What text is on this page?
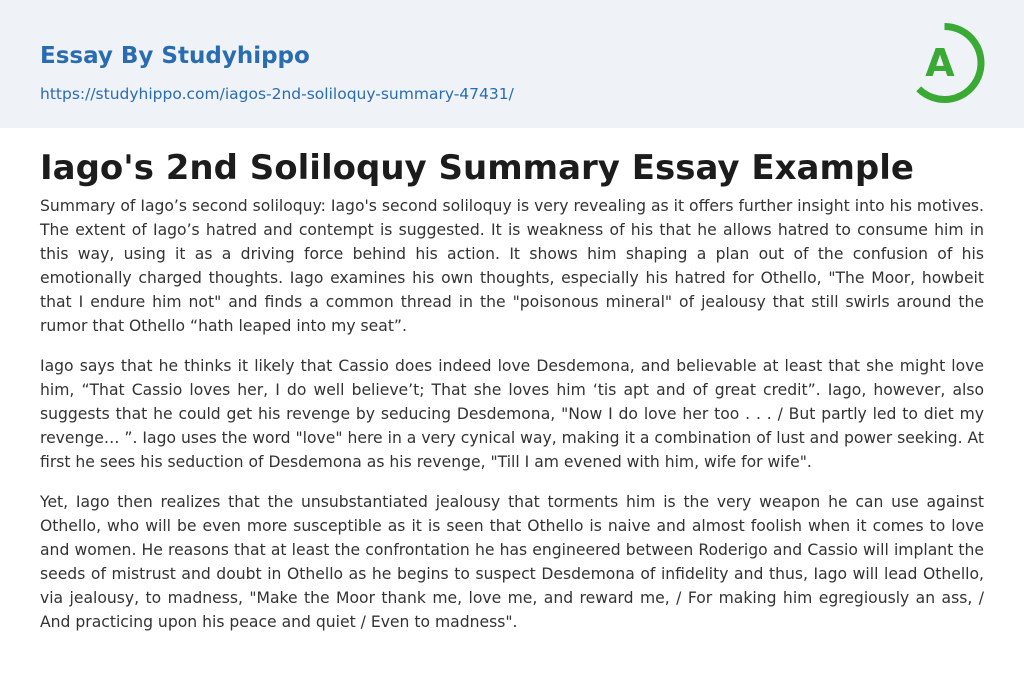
Essay By Studyhippo
https://studyhippo.com/iagos-2nd-soliloquy-summary-47431/
A
Iago's 2nd Soliloquy Summary Essay Example

Summary of Iago’s second soliloquy: Iago's second soliloquy is very revealing as it offers further insight into his motives. The extent of Iago’s hatred and contempt is suggested. It is weakness of his that he allows hatred to consume him in this way, using it as a driving force behind his action. It shows him shaping a plan out of the confusion of his emotionally charged thoughts. Iago examines his own thoughts, especially his hatred for Othello, "The Moor, howbeit that I endure him not" and finds a common thread in the "poisonous mineral" of jealousy that still swirls around the rumor that Othello “hath leaped into my seat”.

Iago says that he thinks it likely that Cassio does indeed love Desdemona, and believable at least that she might love him, “That Cassio loves her, I do well believe’t; That she loves him ‘tis apt and of great credit”. Iago, however, also suggests that he could get his revenge by seducing Desdemona, "Now I do love her too . . . / But partly led to diet my revenge… ”. Iago uses the word "love" here in a very cynical way, making it a combination of lust and power seeking. At first he sees his seduction of Desdemona as his revenge, "Till I am evened with him, wife for wife".

Yet, Iago then realizes that the unsubstantiated jealousy that torments him is the very weapon he can use against Othello, who will be even more susceptible as it is seen that Othello is naive and almost foolish when it comes to love and women. He reasons that at least the confrontation he has engineered between Roderigo and Cassio will implant the seeds of mistrust and doubt in Othello as he begins to suspect Desdemona of infidelity and thus, Iago will lead Othello, via jealousy, to madness, "Make the Moor thank me, love me, and reward me, / For making him egregiously an ass, / And practicing upon his peace and quiet / Even to madness".
